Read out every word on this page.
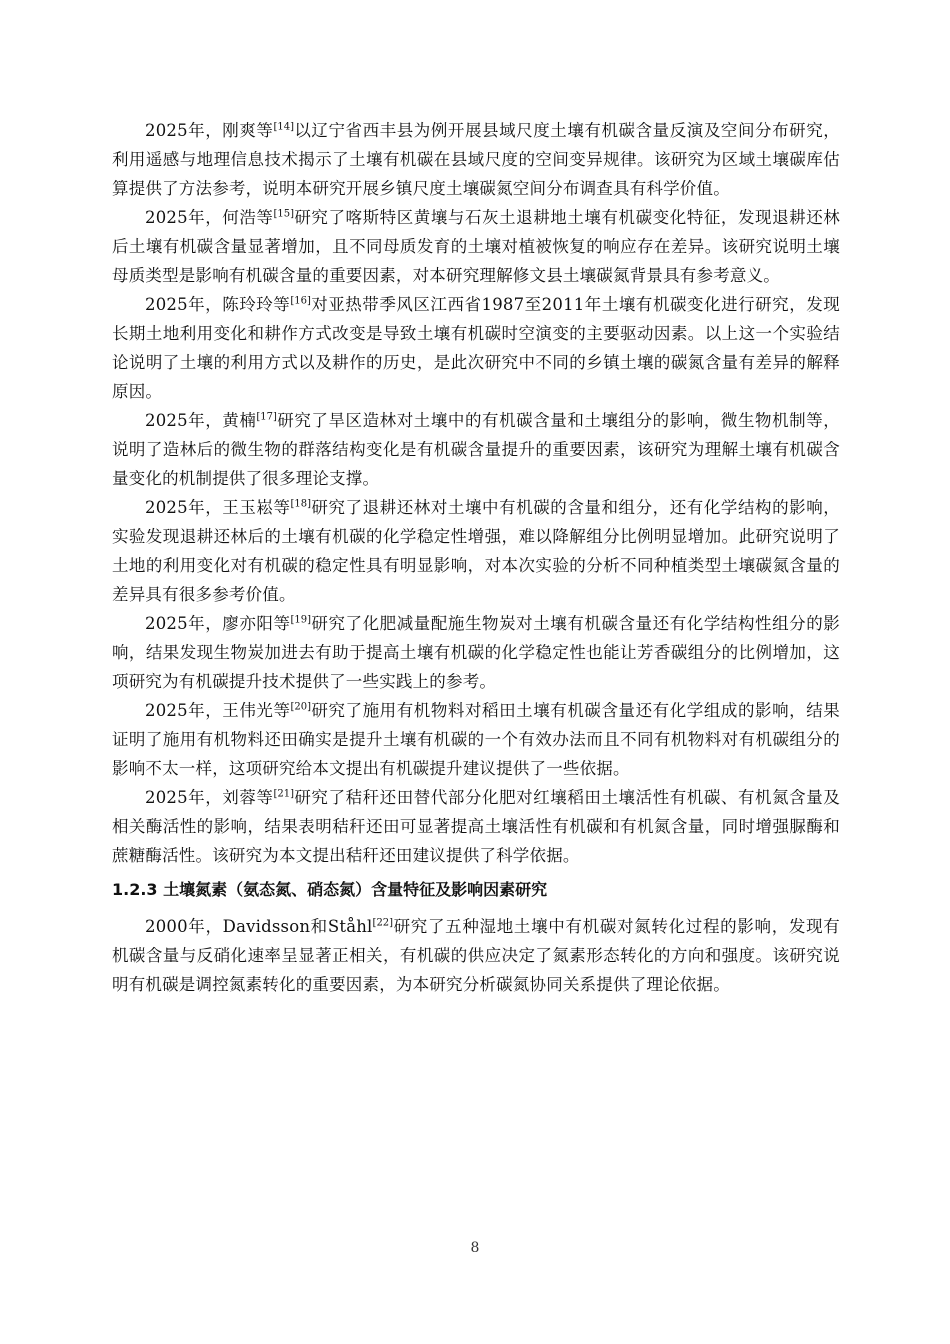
2025年，刚爽等[14]以辽宁省西丰县为例开展县域尺度土壤有机碳含量反演及空间分布研究，利用遥感与地理信息技术揭示了土壤有机碳在县域尺度的空间变异规律。该研究为区域土壤碳库估算提供了方法参考，说明本研究开展乡镇尺度土壤碳氮空间分布调查具有科学价值。

2025年，何浩等[15]研究了喀斯特区黄壤与石灰土退耕地土壤有机碳变化特征，发现退耕还林后土壤有机碳含量显著增加，且不同母质发育的土壤对植被恢复的响应存在差异。该研究说明土壤母质类型是影响有机碳含量的重要因素，对本研究理解修文县土壤碳氮背景具有参考意义。

2025年，陈玲玲等[16]对亚热带季风区江西省1987至2011年土壤有机碳变化进行研究，发现长期土地利用变化和耕作方式改变是导致土壤有机碳时空演变的主要驱动因素。以上这一个实验结论说明了土壤的利用方式以及耕作的历史，是此次研究中不同的乡镇土壤的碳氮含量有差异的解释原因。

2025年，黄楠[17]研究了旱区造林对土壤中的有机碳含量和土壤组分的影响，微生物机制等，说明了造林后的微生物的群落结构变化是有机碳含量提升的重要因素，该研究为理解土壤有机碳含量变化的机制提供了很多理论支撑。

2025年，王玉崧等[18]研究了退耕还林对土壤中有机碳的含量和组分，还有化学结构的影响，实验发现退耕还林后的土壤有机碳的化学稳定性增强，难以降解组分比例明显增加。此研究说明了土地的利用变化对有机碳的稳定性具有明显影响，对本次实验的分析不同种植类型土壤碳氮含量的差异具有很多参考价值。

2025年，廖亦阳等[19]研究了化肥减量配施生物炭对土壤有机碳含量还有化学结构性组分的影响，结果发现生物炭加进去有助于提高土壤有机碳的化学稳定性也能让芳香碳组分的比例增加，这项研究为有机碳提升技术提供了一些实践上的参考。

2025年，王伟光等[20]研究了施用有机物料对稻田土壤有机碳含量还有化学组成的影响，结果证明了施用有机物料还田确实是提升土壤有机碳的一个有效办法而且不同有机物料对有机碳组分的影响不太一样，这项研究给本文提出有机碳提升建议提供了一些依据。

2025年，刘蓉等[21]研究了秸秆还田替代部分化肥对红壤稻田土壤活性有机碳、有机氮含量及相关酶活性的影响，结果表明秸秆还田可显著提高土壤活性有机碳和有机氮含量，同时增强脲酶和蔗糖酶活性。该研究为本文提出秸秆还田建议提供了科学依据。

1.2.3 土壤氮素（氨态氮、硝态氮）含量特征及影响因素研究

2000年，Davidsson和Ståhl[22]研究了五种湿地土壤中有机碳对氮转化过程的影响，发现有机碳含量与反硝化速率呈显著正相关，有机碳的供应决定了氮素形态转化的方向和强度。该研究说明有机碳是调控氮素转化的重要因素，为本研究分析碳氮协同关系提供了理论依据。

8
